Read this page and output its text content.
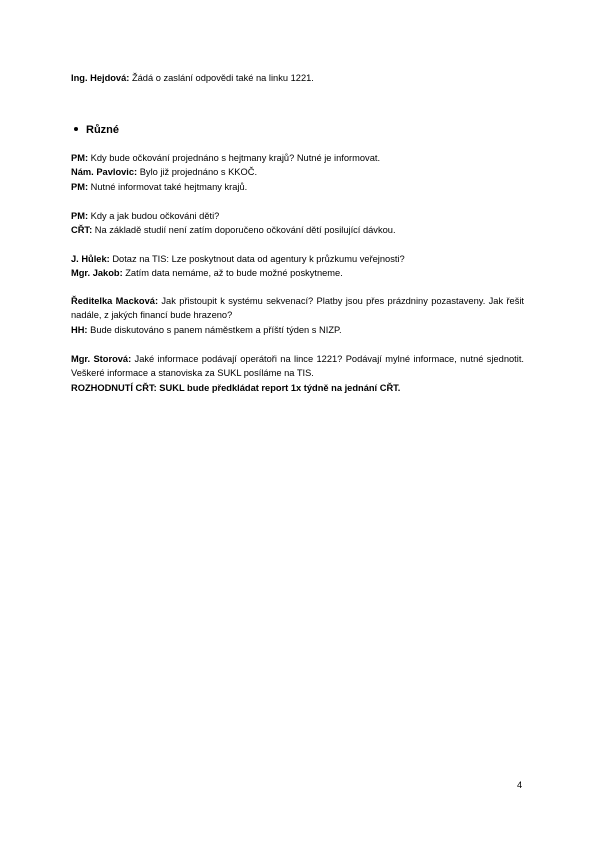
Ing. Hejdová: Žádá o zaslání odpovědi také na linku 1221.

Různé

PM: Kdy bude očkování projednáno s hejtmany krajů? Nutné je informovat.

Nám. Pavlovic: Bylo již projednáno s KKOČ.

PM: Nutné informovat také hejtmany krajů.

PM: Kdy a jak budou očkováni děti?

CŘT: Na základě studií není zatím doporučeno očkování dětí posilující dávkou.

J. Hůlek: Dotaz na TIS: Lze poskytnout data od agentury k průzkumu veřejnosti?

Mgr. Jakob: Zatím data nemáme, až to bude možné poskytneme.

Ředitelka Macková: Jak přistoupit k systému sekvenací? Platby jsou přes prázdniny pozastaveny. Jak řešit nadále, z jakých financí bude hrazeno?

HH: Bude diskutováno s panem náměstkem a příští týden s NIZP.

Mgr. Storová: Jaké informace podávají operátoři na lince 1221? Podávají mylné informace, nutné sjednotit. Veškeré informace a stanoviska za SUKL posíláme na TIS.

ROZHODNUTÍ CŘT: SUKL bude předkládat report 1x týdně na jednání CŘT.

4
